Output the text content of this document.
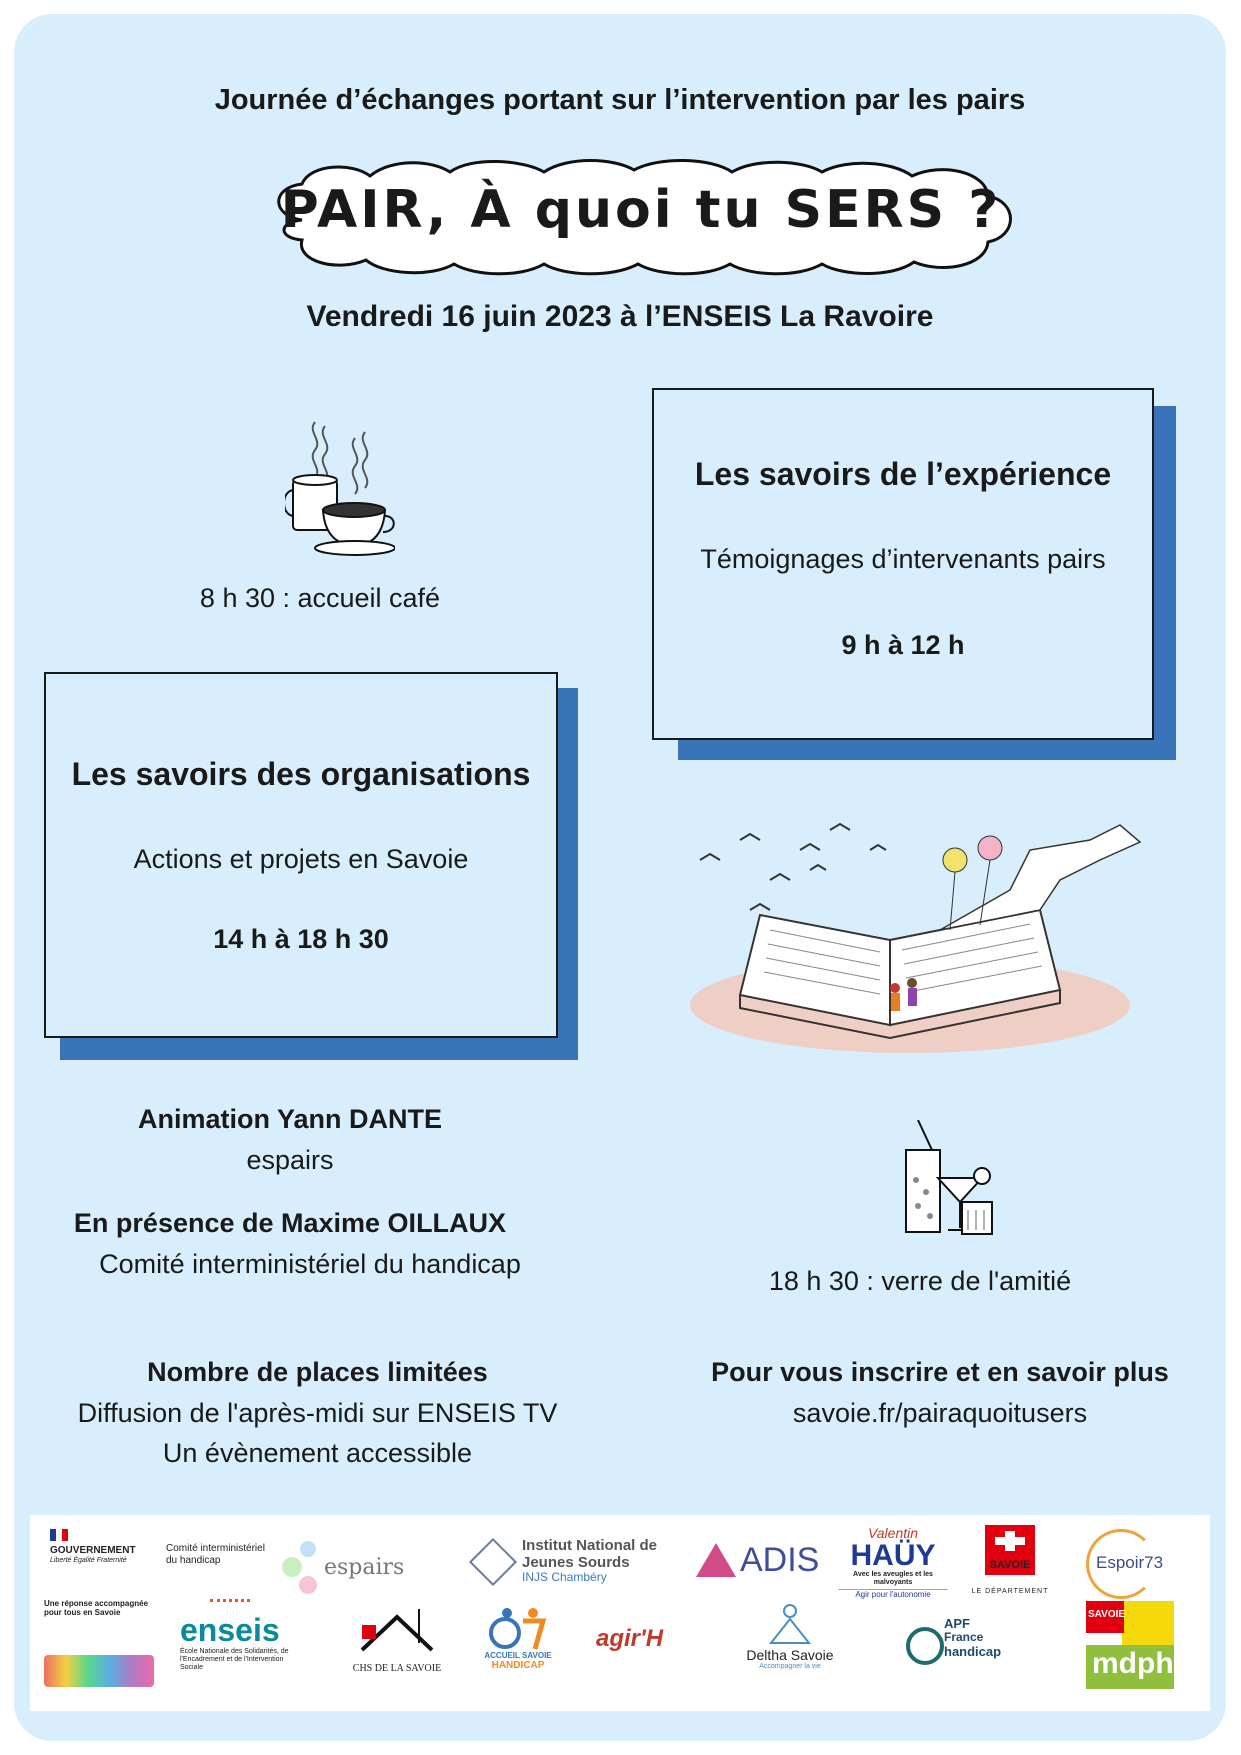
Journée d’échanges portant sur l’intervention par les pairs
PAIR, À quoi tu SERS ?
Vendredi 16 juin 2023 à l’ENSEIS La Ravoire
8 h 30 : accueil café
Les savoirs de l’expérience
Témoignages d’intervenants pairs
9 h à 12 h
Les savoirs des organisations
Actions et projets en Savoie
14 h à 18 h 30
18 h 30 : verre de l'amitié
Animation Yann DANTE
espairs
En présence de Maxime OILLAUX
Comité interministériel du handicap
Nombre de places limitées
Diffusion de l'après-midi sur ENSEIS TV
Un évènement accessible
Pour vous inscrire et en savoir plus
savoie.fr/pairaquoitusers
GOUVERNEMENT
Liberté Égalité Fraternité
Comité interministériel du handicap	espairs
Institut National de
Jeunes Sourds
INJS Chambéry	ADIS
Valentin
HAÜY
Avec les aveugles et les malvoyants
Agir pour l'autonomie
SAVOIE
LE DÉPARTEMENT
Espoir73
Une réponse accompagnée pour tous en Savoie	enseis
École Nationale des Solidarités, de l'Encadrement et de l'Intervention Sociale	CHS DE LA SAVOIE
ACCUEIL SAVOIE
HANDICAP
agir'H
Deltha Savoie
Accompagner la vie
APF
France
handicap
SAVOIE
mdph
